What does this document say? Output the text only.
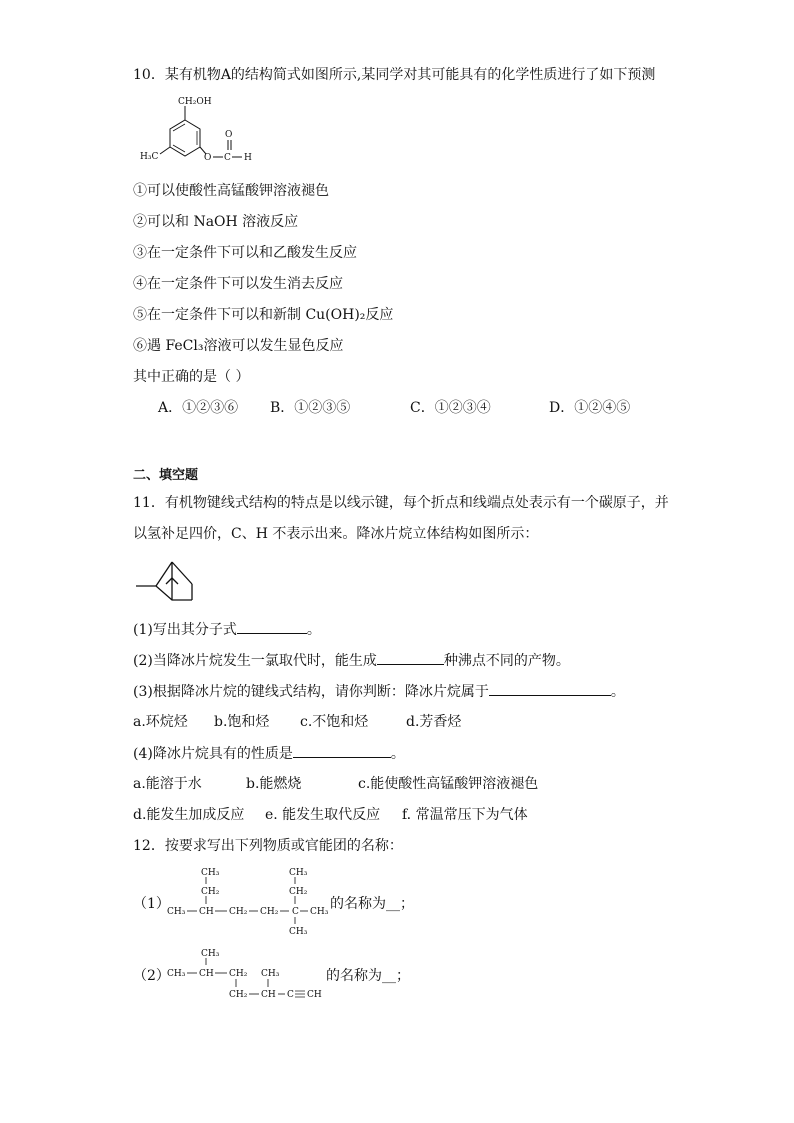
10．某有机物A的结构简式如图所示,某同学对其可能具有的化学性质进行了如下预测
CH₂OH
H₃C	O C
O
H
①可以使酸性高锰酸钾溶液褪色
②可以和 NaOH 溶液反应
③在一定条件下可以和乙酸发生反应
④在一定条件下可以发生消去反应
⑤在一定条件下可以和新制 Cu(OH)₂反应
⑥遇 FeCl₃溶液可以发生显色反应
其中正确的是（ ）
A．①②③⑥ B．①②③⑤	C．①②③④	D．①②④⑤
二、填空题
11．有机物键线式结构的特点是以线示键，每个折点和线端点处表示有一个碳原子，并
以氢补足四价，C、H 不表示出来。降冰片烷立体结构如图所示：
(1)写出其分子式	。
(2)当降冰片烷发生一氯取代时，能生成	种沸点不同的产物。
(3)根据降冰片烷的键线式结构，请你判断：降冰片烷属于	。
a.环烷烃 b.饱和烃 c.不饱和烃	d.芳香烃
(4)降冰片烷具有的性质是	。
a.能溶于水	b.能燃烧	c.能使酸性高锰酸钾溶液褪色
d.能发生加成反应 e. 能发生取代反应 f. 常温常压下为气体
12．按要求写出下列物质或官能团的名称：
（1）
CH₃
CH₂
CH₃ CH CH₂ CH₂ C CH₃
CH₃
CH₂
CH₃
的名称为__；
（2）
CH₃
CH₃ CH CH₂ CH₃
CH₂ CH C CH
的名称为__；
